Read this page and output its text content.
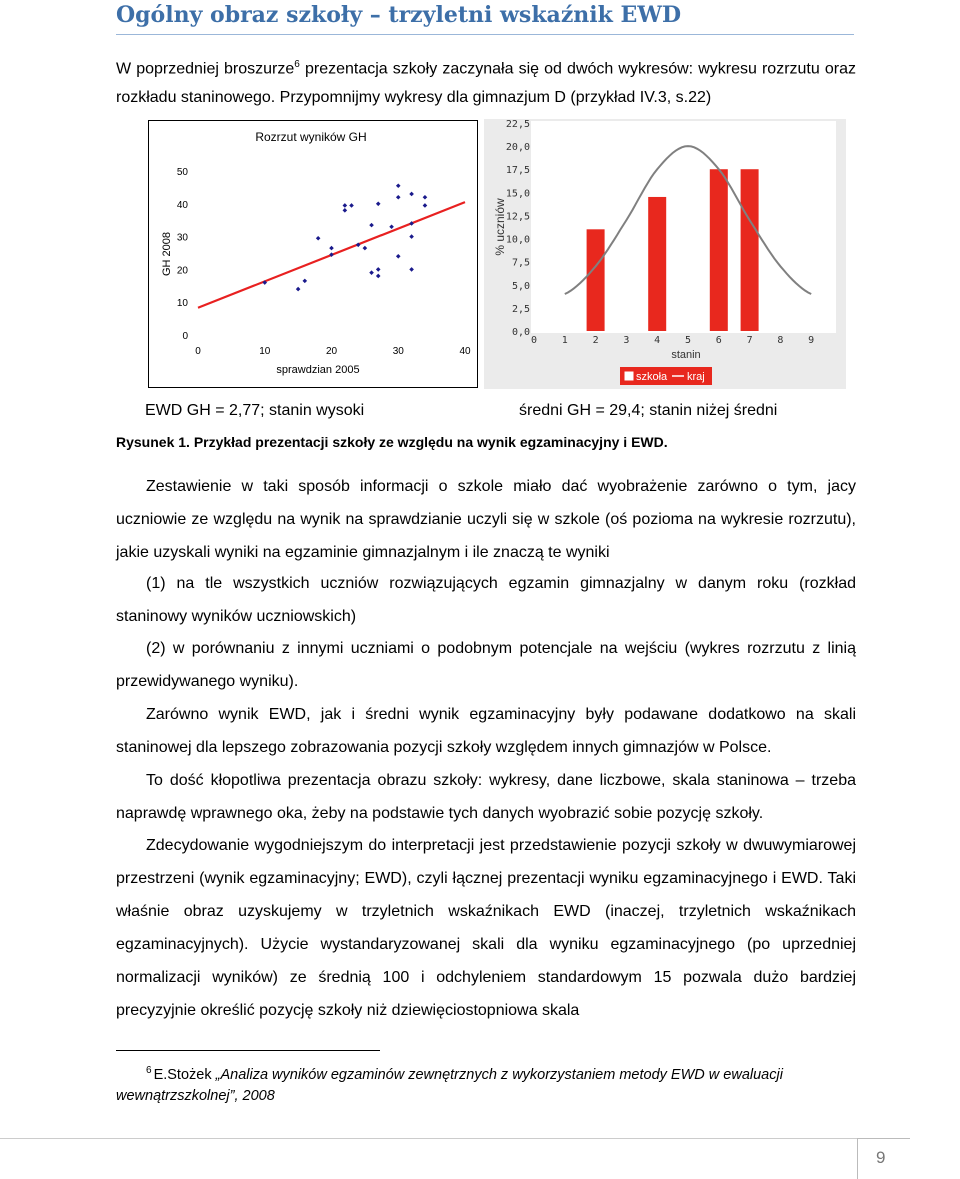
Ogólny obraz szkoły – trzyletni wskaźnik EWD
W poprzedniej broszurze$^6$ prezentacja szkoły zaczynała się od dwóch wykresów: wykresu rozrzutu oraz rozkładu staninowego. Przypomnijmy wykresy dla gimnazjum D (przykład IV.3, s.22)
Rozrzut wyników GH
GH 2008
sprawdzian 2005
0
10
20
30
40
50
0	10	20	30	40
% uczniów
stanin
0,0
2,5
5,0
7,5
10,0
12,5
15,0
17,5
20,0
22,5
0 1 2 3 4 5 6 7 8 9
szkoła kraj
EWD GH = 2,77; stanin wysoki	średni GH = 29,4; stanin niżej średni
Rysunek 1. Przykład prezentacji szkoły ze względu na wynik egzaminacyjny i EWD.

Zestawienie w taki sposób informacji o szkole miało dać wyobrażenie zarówno o tym, jacy uczniowie ze względu na wynik na sprawdzianie uczyli się w szkole (oś pozioma na wykresie rozrzutu), jakie uzyskali wyniki na egzaminie gimnazjalnym i ile znaczą te wyniki

(1) na tle wszystkich uczniów rozwiązujących egzamin gimnazjalny w danym roku (rozkład staninowy wyników uczniowskich)

(2) w porównaniu z innymi uczniami o podobnym potencjale na wejściu (wykres rozrzutu z linią przewidywanego wyniku).

Zarówno wynik EWD, jak i średni wynik egzaminacyjny były podawane dodatkowo na skali staninowej dla lepszego zobrazowania pozycji szkoły względem innych gimnazjów w Polsce.

To dość kłopotliwa prezentacja obrazu szkoły: wykresy, dane liczbowe, skala staninowa – trzeba naprawdę wprawnego oka, żeby na podstawie tych danych wyobrazić sobie pozycję szkoły.

Zdecydowanie wygodniejszym do interpretacji jest przedstawienie pozycji szkoły w dwuwymiarowej przestrzeni (wynik egzaminacyjny; EWD), czyli łącznej prezentacji wyniku egzaminacyjnego i EWD. Taki właśnie obraz uzyskujemy w trzyletnich wskaźnikach EWD (inaczej, trzyletnich wskaźnikach egzaminacyjnych). Użycie wystandaryzowanej skali dla wyniku egzaminacyjnego (po uprzedniej normalizacji wyników) ze średnią 100 i odchyleniem standardowym 15 pozwala dużo bardziej precyzyjnie określić pozycję szkoły niż dziewięciostopniowa skala

$^6$ E.Stożek „Analiza wyników egzaminów zewnętrznych z wykorzystaniem metody EWD w ewaluacji wewnątrzszkolnej”, 2008
9
